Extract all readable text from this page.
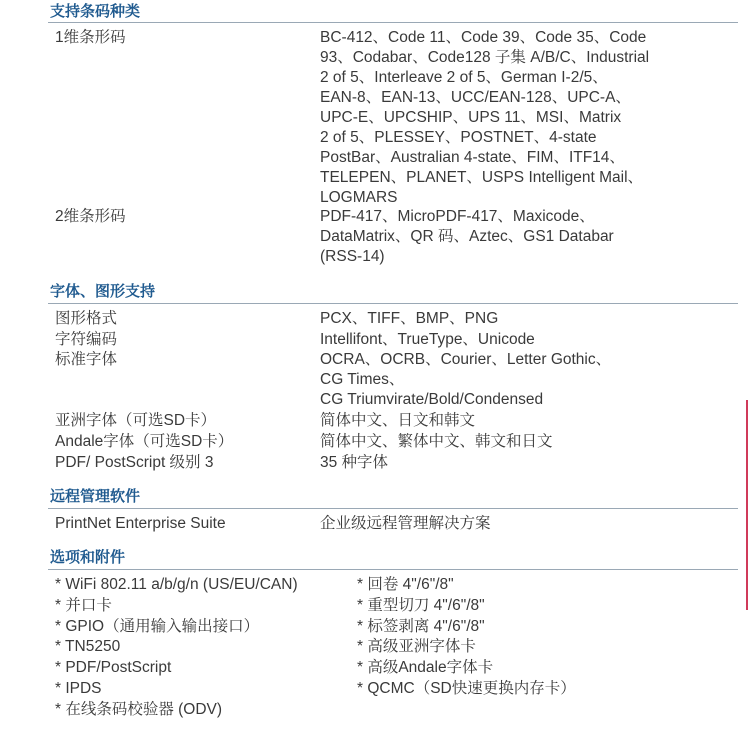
支持条码种类
1维条形码	BC-412、Code 11、Code 39、Code 35、Code
93、Codabar、Code128 子集 A/B/C、Industrial
2 of 5、Interleave 2 of 5、German I-2/5、
EAN-8、EAN-13、UCC/EAN-128、UPC-A、
UPC-E、UPCSHIP、UPS 11、MSI、Matrix
2 of 5、PLESSEY、POSTNET、4-state
PostBar、Australian 4-state、FIM、ITF14、
TELEPEN、PLANET、USPS Intelligent Mail、
LOGMARS
2维条形码	PDF-417、MicroPDF-417、Maxicode、
DataMatrix、QR 码、Aztec、GS1 Databar
(RSS-14)
字体、图形支持
图形格式	PCX、TIFF、BMP、PNG
字符编码	Intellifont、TrueType、Unicode
标准字体	OCRA、OCRB、Courier、Letter Gothic、
CG Times、
CG Triumvirate/Bold/Condensed
亚洲字体（可选SD卡）	简体中文、日文和韩文
Andale字体（可选SD卡）	简体中文、繁体中文、韩文和日文
PDF/ PostScript 级别 3	35 种字体
远程管理软件
PrintNet Enterprise Suite	企业级远程管理解决方案
选项和附件
* WiFi 802.11 a/b/g/n (US/EU/CAN)
* 并口卡
* GPIO（通用输入输出接口）
* TN5250
* PDF/PostScript
* IPDS
* 在线条码校验器 (ODV)
* 回卷 4"/6"/8"
* 重型切刀 4"/6"/8"
* 标签剥离 4"/6"/8"
* 高级亚洲字体卡
* 高级Andale字体卡
* QCMC（SD快速更换内存卡）
